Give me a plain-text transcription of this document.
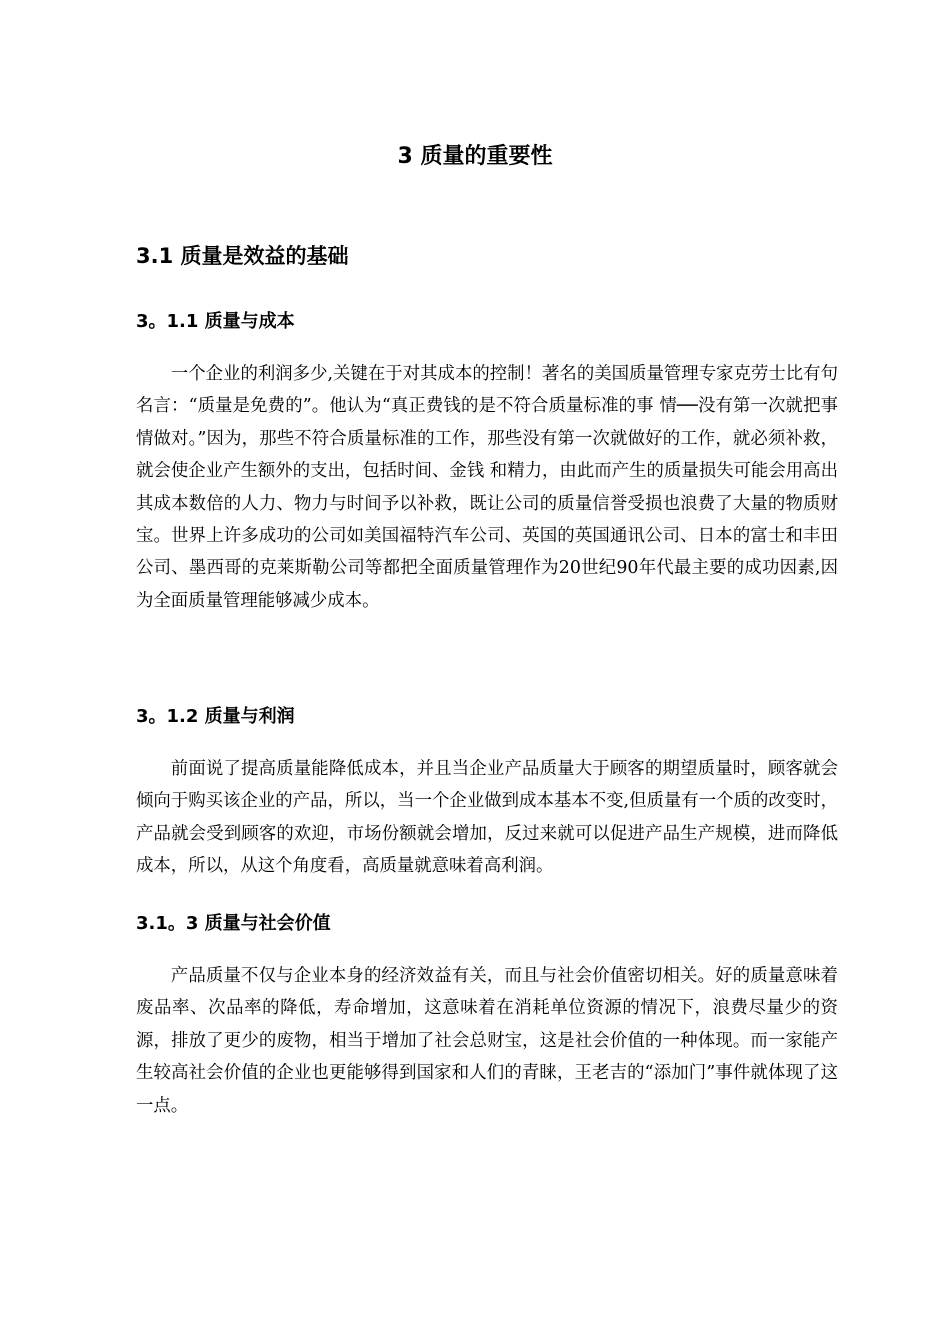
3 质量的重要性
3.1 质量是效益的基础
3。1.1 质量与成本
一个企业的利润多少,关键在于对其成本的控制！著名的美国质量管理专家克劳士比有句名言：“质量是免费的”。他认为“真正费钱的是不符合质量标准的事 情──没有第一次就把事情做对。”因为，那些不符合质量标准的工作，那些没有第一次就做好的工作，就必须补救，就会使企业产生额外的支出，包括时间、金钱 和精力，由此而产生的质量损失可能会用高出其成本数倍的人力、物力与时间予以补救，既让公司的质量信誉受损也浪费了大量的物质财宝。世界上许多成功的公司如美国福特汽车公司、英国的英国通讯公司、日本的富士和丰田公司、墨西哥的克莱斯勒公司等都把全面质量管理作为20世纪90年代最主要的成功因素,因为全面质量管理能够减少成本。
3。1.2 质量与利润
前面说了提高质量能降低成本，并且当企业产品质量大于顾客的期望质量时，顾客就会倾向于购买该企业的产品，所以，当一个企业做到成本基本不变,但质量有一个质的改变时，产品就会受到顾客的欢迎，市场份额就会增加，反过来就可以促进产品生产规模，进而降低成本，所以，从这个角度看，高质量就意味着高利润。
3.1。3 质量与社会价值
产品质量不仅与企业本身的经济效益有关，而且与社会价值密切相关。好的质量意味着废品率、次品率的降低，寿命增加，这意味着在消耗单位资源的情况下，浪费尽量少的资源，排放了更少的废物，相当于增加了社会总财宝，这是社会价值的一种体现。而一家能产生较高社会价值的企业也更能够得到国家和人们的青睐，王老吉的“添加门”事件就体现了这一点。
